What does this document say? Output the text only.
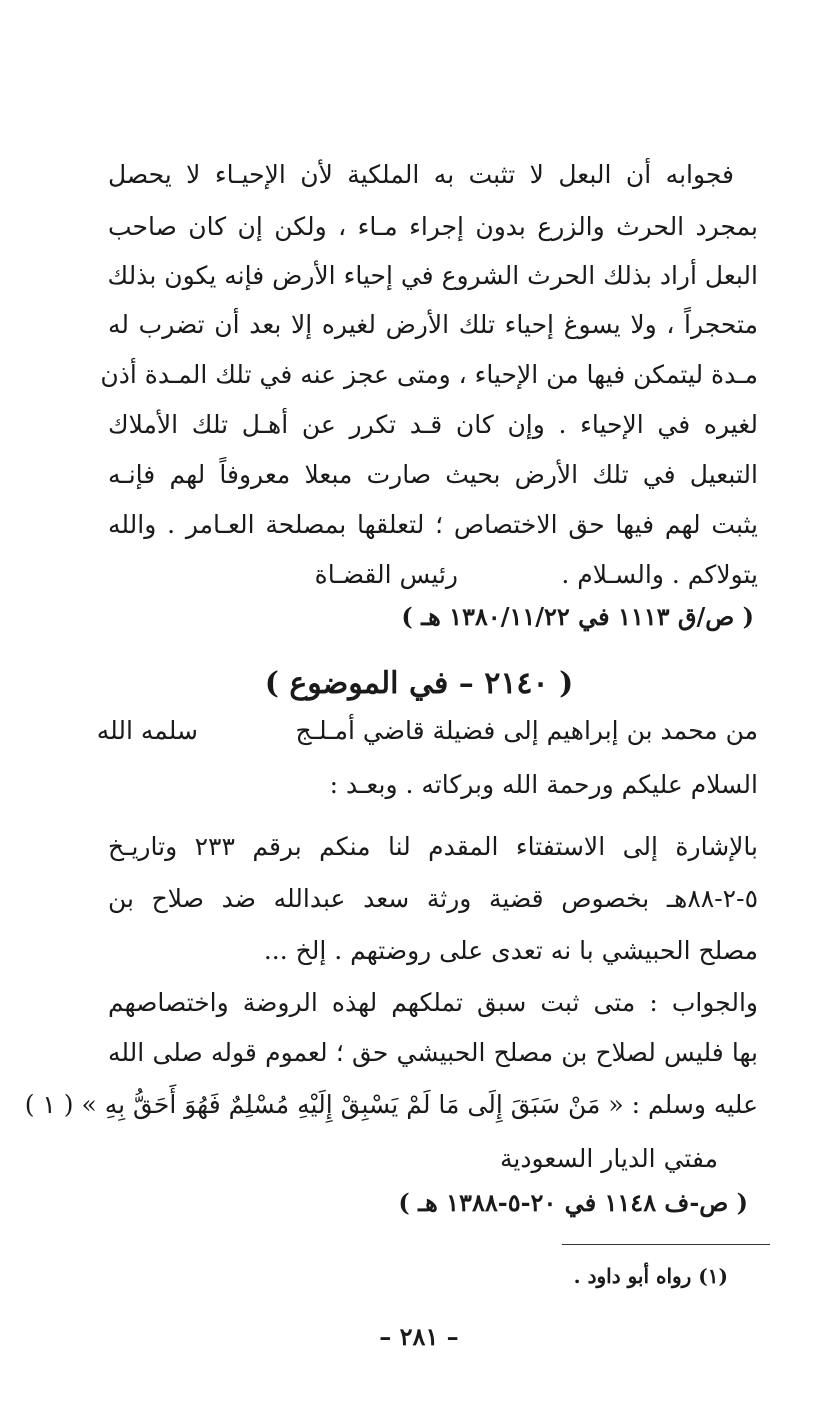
فجوابه أن البعل لا تثبت به الملكية لأن الإحيـاء لا يحصل
بمجرد الحرث والزرع بدون إجراء مـاء ، ولكن إن كان صاحب
البعل أراد بذلك الحرث الشروع في إحياء الأرض فإنه يكون بذلك
متحجراً ، ولا يسوغ إحياء تلك الأرض لغيره إلا بعد أن تضرب له
مـدة ليتمكن فيها من الإحياء ، ومتى عجز عنه في تلك المـدة أذن
لغيره في الإحياء . وإن كان قـد تكرر عن أهـل تلك الأملاك
التبعيل في تلك الأرض بحيث صارت مبعلا معروفاً لهم فإنـه
يثبت لهم فيها حق الاختصاص ؛ لتعلقها بمصلحة العـامر . والله
يتولاكم . والسـلام .
رئيس القضـاة
( ص/ق ١١١٣ في ١٣٨٠/١١/٢٢ هـ )
( ٢١٤٠ – في الموضوع )
من محمد بن إبراهيم إلى فضيلة قاضي أمـلـج
سلمه الله
السلام عليكم ورحمة الله وبركاته . وبعـد :
بالإشارة إلى الاستفتاء المقدم لنا منكم برقم ٢٣٣ وتاريـخ
٥-٢-٨٨هـ بخصوص قضية ورثة سعد عبدالله ضد صلاح بن
مصلح الحبيشي با نه تعدى على روضتهم . إلخ ...
والجواب : متى ثبت سبق تملكهم لهذه الروضة واختصاصهم
بها فليس لصلاح بن مصلح الحبيشي حق ؛ لعموم قوله صلى الله
عليه وسلم : « مَنْ سَبَقَ إِلَى مَا لَمْ يَسْبِقْ إِلَيْهِ مُسْلِمٌ فَهُوَ أَحَقُّ بِهِ » ( ١ )
مفتي الديار السعودية
( ص-ف ١١٤٨ في ٢٠-٥-١٣٨٨ هـ )
(١) رواه أبو داود .
– ٢٨١ –
